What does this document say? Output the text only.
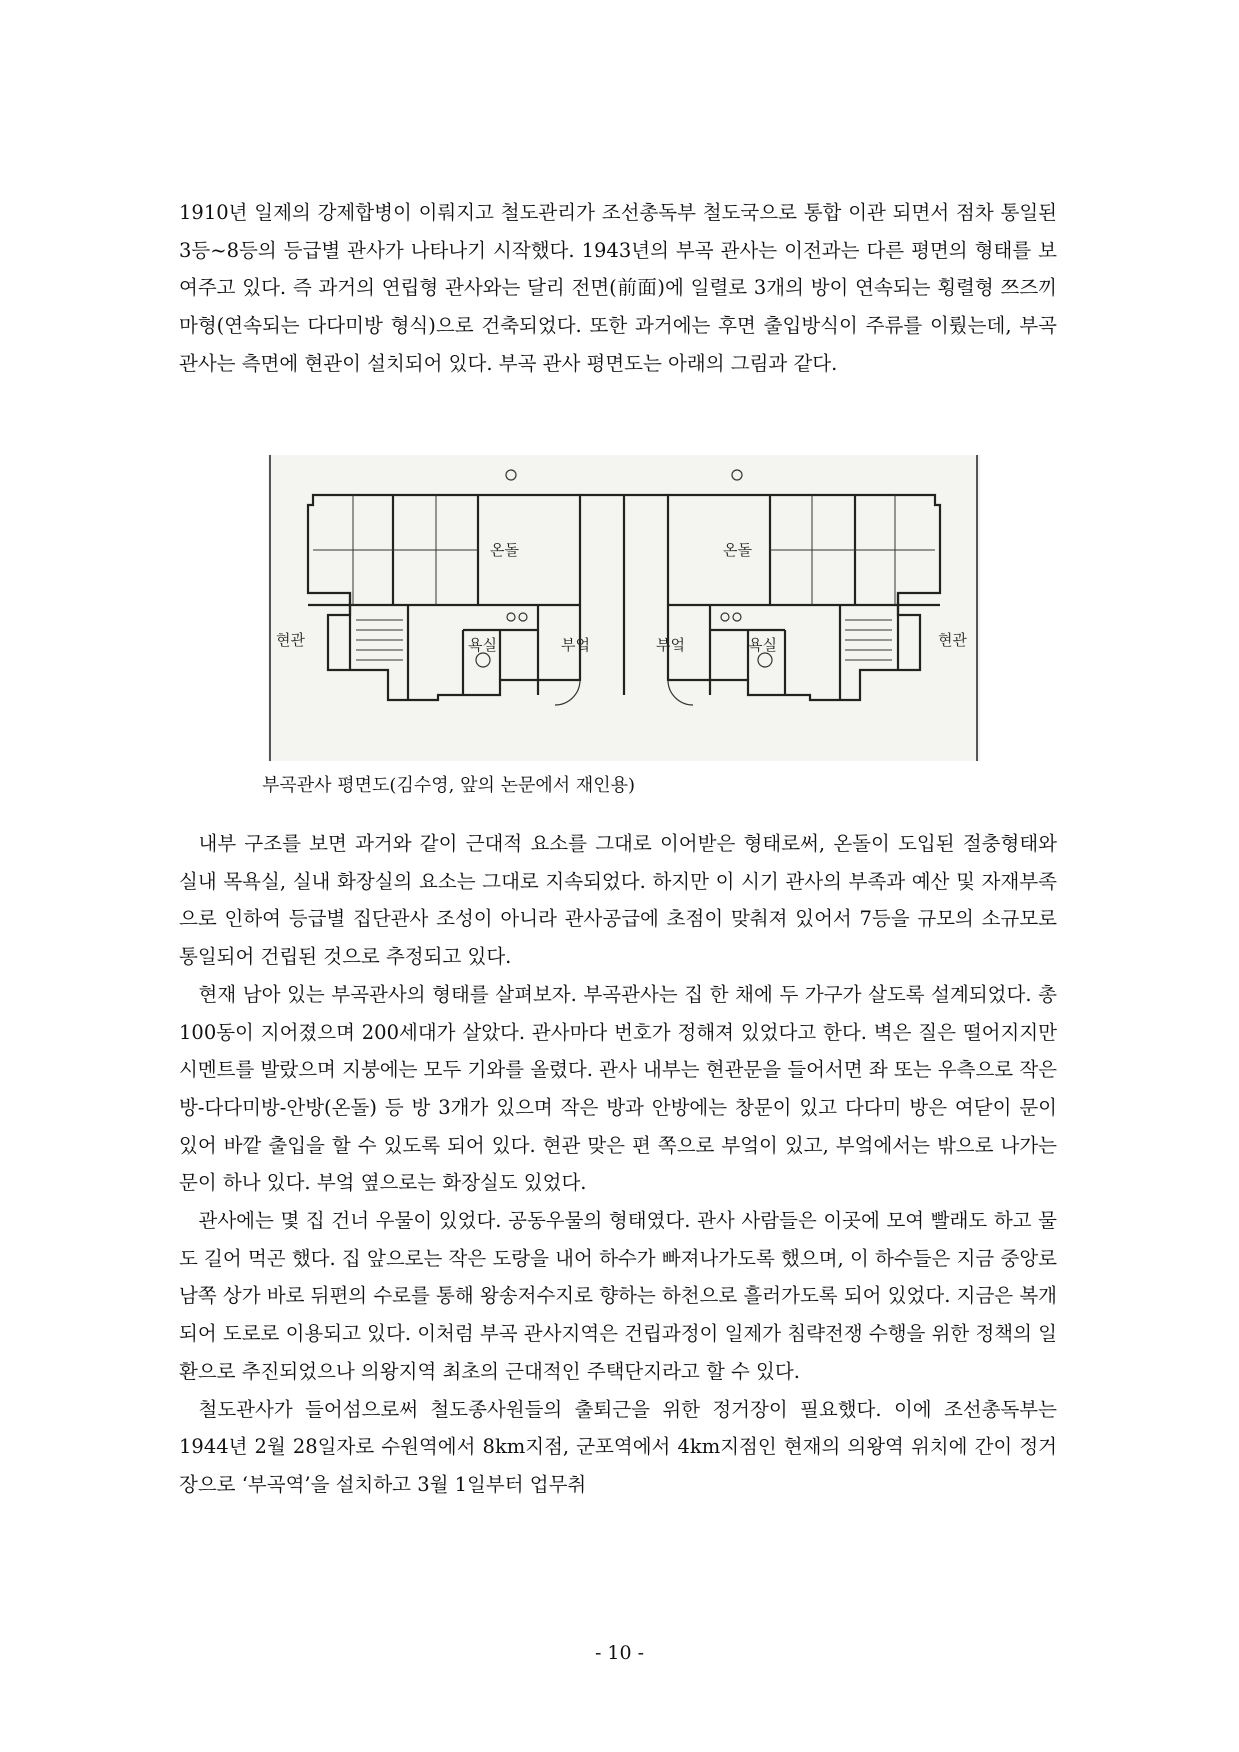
1910년 일제의 강제합병이 이뤄지고 철도관리가 조선총독부 철도국으로 통합 이관 되면서 점차 통일된 3등~8등의 등급별 관사가 나타나기 시작했다. 1943년의 부곡 관사는 이전과는 다른 평면의 형태를 보여주고 있다. 즉 과거의 연립형 관사와는 달리 전면(前面)에 일렬로 3개의 방이 연속되는 횡렬형 쯔즈끼마형(연속되는 다다미방 형식)으로 건축되었다. 또한 과거에는 후면 출입방식이 주류를 이뤘는데, 부곡 관사는 측면에 현관이 설치되어 있다. 부곡 관사 평면도는 아래의 그림과 같다.

온돌	온돌
현관	현관
욕실	욕실
부엌	부엌
부곡관사 평면도(김수영, 앞의 논문에서 재인용)

내부 구조를 보면 과거와 같이 근대적 요소를 그대로 이어받은 형태로써, 온돌이 도입된 절충형태와 실내 목욕실, 실내 화장실의 요소는 그대로 지속되었다. 하지만 이 시기 관사의 부족과 예산 및 자재부족으로 인하여 등급별 집단관사 조성이 아니라 관사공급에 초점이 맞춰져 있어서 7등을 규모의 소규모로 통일되어 건립된 것으로 추정되고 있다.

현재 남아 있는 부곡관사의 형태를 살펴보자. 부곡관사는 집 한 채에 두 가구가 살도록 설계되었다. 총 100동이 지어졌으며 200세대가 살았다. 관사마다 번호가 정해져 있었다고 한다. 벽은 질은 떨어지지만 시멘트를 발랐으며 지붕에는 모두 기와를 올렸다. 관사 내부는 현관문을 들어서면 좌 또는 우측으로 작은 방-다다미방-안방(온돌) 등 방 3개가 있으며 작은 방과 안방에는 창문이 있고 다다미 방은 여닫이 문이 있어 바깥 출입을 할 수 있도록 되어 있다. 현관 맞은 편 쪽으로 부엌이 있고, 부엌에서는 밖으로 나가는 문이 하나 있다. 부엌 옆으로는 화장실도 있었다.

관사에는 몇 집 건너 우물이 있었다. 공동우물의 형태였다. 관사 사람들은 이곳에 모여 빨래도 하고 물도 길어 먹곤 했다. 집 앞으로는 작은 도랑을 내어 하수가 빠져나가도록 했으며, 이 하수들은 지금 중앙로 남쪽 상가 바로 뒤편의 수로를 통해 왕송저수지로 향하는 하천으로 흘러가도록 되어 있었다. 지금은 복개되어 도로로 이용되고 있다. 이처럼 부곡 관사지역은 건립과정이 일제가 침략전쟁 수행을 위한 정책의 일환으로 추진되었으나 의왕지역 최초의 근대적인 주택단지라고 할 수 있다.

철도관사가 들어섬으로써 철도종사원들의 출퇴근을 위한 정거장이 필요했다. 이에 조선총독부는 1944년 2월 28일자로 수원역에서 8km지점, 군포역에서 4km지점인 현재의 의왕역 위치에 간이 정거장으로 ‘부곡역’을 설치하고 3월 1일부터 업무취

- 10 -
